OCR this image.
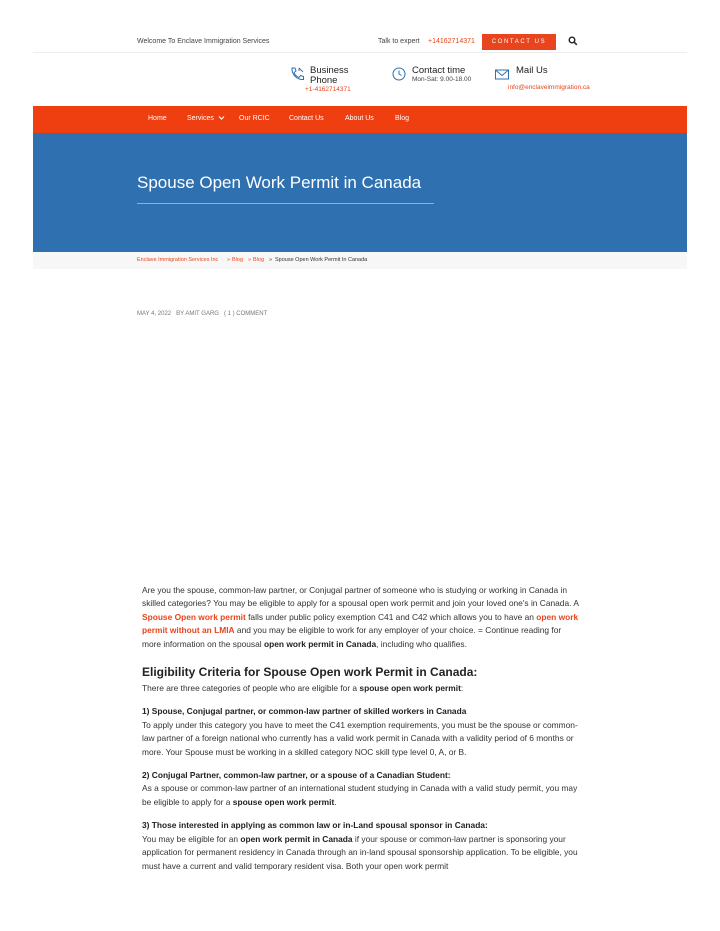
Welcome To Enclave Immigration Services	Talk to expert +14162714371	CONTACT US NOW
Business
Phone
+1-4162714371
Contact time
Mon-Sat: 9.00-18.00
Mail Us
info@enclaveimmigration.ca
Home	Services	Our RCIC	Contact Us	About Us	Blog
Spouse Open Work Permit in Canada
Enclave Immigration Services Inc » Blog » Blog » Spouse Open Work Permit In Canada
MAY 4, 2022 BY AMIT GARG ( 1 ) COMMENT

Are you the spouse, common-law partner, or Conjugal partner of someone who is studying or working in Canada in skilled categories? You may be eligible to apply for a spousal open work permit and join your loved one's in Canada. A Spouse Open work permit falls under public policy exemption C41 and C42 which allows you to have an open work permit without an LMIA and you may be eligible to work for any employer of your choice. = Continue reading for more information on the spousal open work permit in Canada, including who qualifies.

Eligibility Criteria for Spouse Open work Permit in Canada:

There are three categories of people who are eligible for a spouse open work permit:

1) Spouse, Conjugal partner, or common-law partner of skilled workers in Canada

To apply under this category you have to meet the C41 exemption requirements, you must be the spouse or common-law partner of a foreign national who currently has a valid work permit in Canada with a validity period of 6 months or more. Your Spouse must be working in a skilled category NOC skill type level 0, A, or B.

2) Conjugal Partner, common-law partner, or a spouse of a Canadian Student:

As a spouse or common-law partner of an international student studying in Canada with a valid study permit, you may be eligible to apply for a spouse open work permit.

3) Those interested in applying as common law or in-Land spousal sponsor in Canada:

You may be eligible for an open work permit in Canada if your spouse or common-law partner is sponsoring your application for permanent residency in Canada through an in-land spousal sponsorship application. To be eligible, you must have a current and valid temporary resident visa. Both your open work permit
